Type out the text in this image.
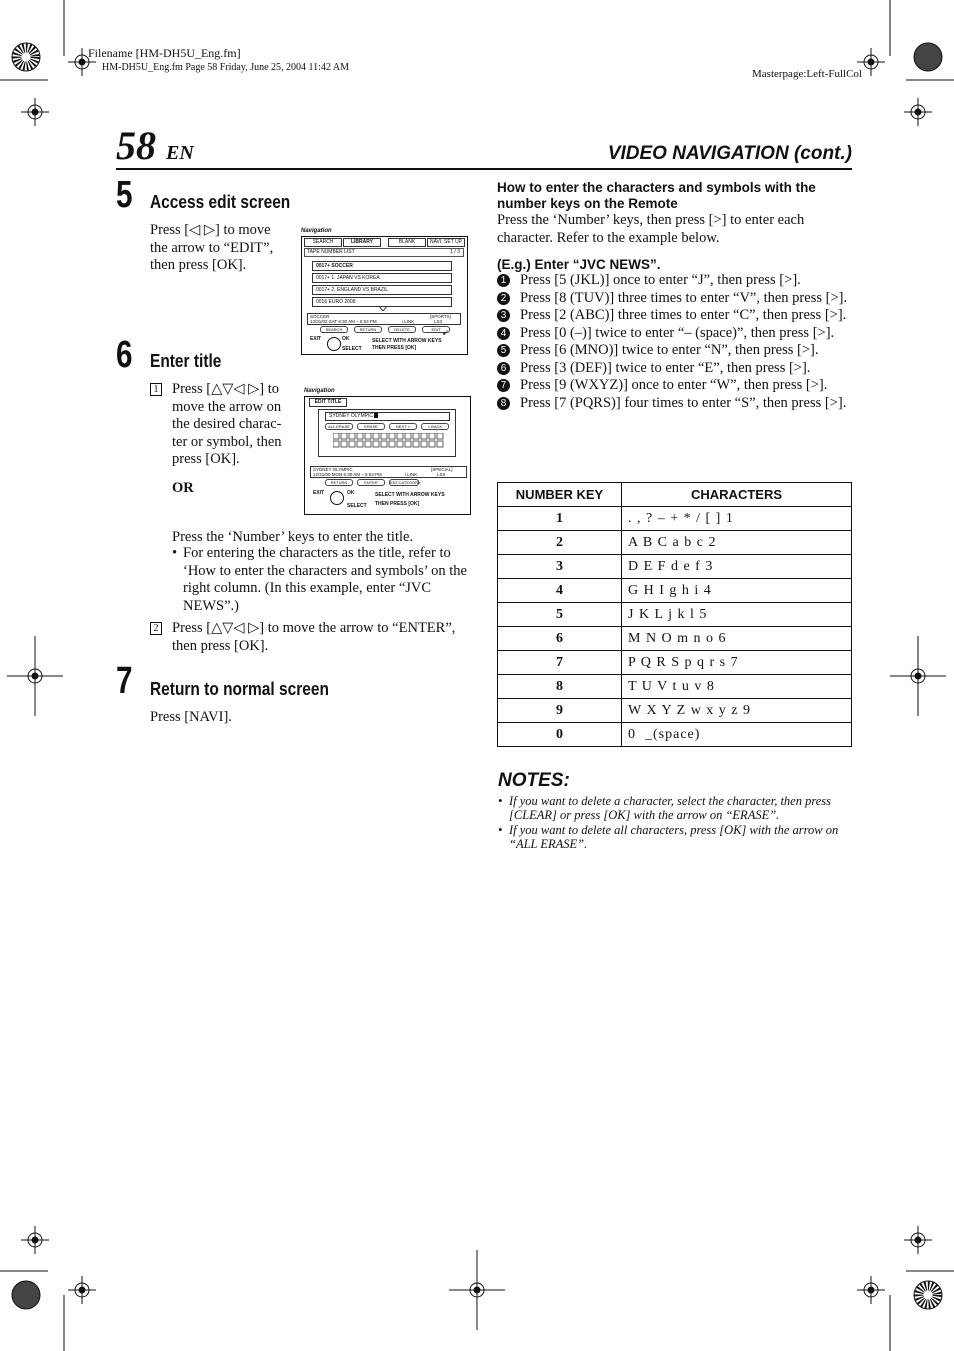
Filename [HM-DH5U_Eng.fm]
HM-DH5U_Eng.fm Page 58 Friday, June 25, 2004 11:42 AM
Masterpage:Left-FullCol
58 EN	VIDEO NAVIGATION (cont.)
5 Access edit screen
Press [◁ ▷] to move the arrow to “EDIT”, then press [OK].
Navigation
SEARCH	LIBRARY	BLANK	NAVI. SET UP
TAPE NUMBER LIST	1 / 3
0017+ SOCCER
0017+ 1. JAPAN VS KOREA
0017+ 2. ENGLAND VS BRAZIL
0016 EURO 2008
SOCCER
12/31/02 SAT 6:30 AM – 5:53 PM	i.LINK
[SPORTS]
LS3
SEARCH	RETURN	DELETE	EDIT ➹
EXIT	OK
SELECT
SELECT WITH ARROW KEYS
THEN PRESS [OK]
6 Enter title
1 Press [△▽◁ ▷] to move the arrow on the desired charac-ter or symbol, then press [OK].
OR
Navigation
EDIT TITLE
SYDNEY OLYMPIC
ALL ERASE	ERASE	NEXT >	< BACK
SYDNEY OLYMPIC
12/31/00 MON 6:30 AM – 5:53 PM	i.LINK
[SPECIAL]
LS3
RETURN	ENTER	ENT.CATEGORY
EXIT	OK
SELECT
SELECT WITH ARROW KEYS
THEN PRESS [OK]
Press the ‘Number’ keys to enter the title.
• For entering the characters as the title, refer to ‘How to enter the characters and symbols’ on the right column. (In this example, enter “JVC NEWS”.)
2 Press [△▽◁ ▷] to move the arrow to “ENTER”, then press [OK].
7 Return to normal screen
Press [NAVI].
How to enter the characters and symbols with the number keys on the Remote
Press the ‘Number’ keys, then press [>] to enter each character. Refer to the example below.
(E.g.) Enter “JVC NEWS”.
1 Press [5 (JKL)] once to enter “J”, then press [>].
2 Press [8 (TUV)] three times to enter “V”, then press [>].
3 Press [2 (ABC)] three times to enter “C”, then press [>].
4 Press [0 (–)] twice to enter “– (space)”, then press [>].
5 Press [6 (MNO)] twice to enter “N”, then press [>].
6 Press [3 (DEF)] twice to enter “E”, then press [>].
7 Press [9 (WXYZ)] once to enter “W”, then press [>].
8 Press [7 (PQRS)] four times to enter “S”, then press [>].
NUMBER KEY	CHARACTERS
1	. , ? – + * / [ ] 1
2	A B C a b c 2
3	D E F d e f 3
4	G H I g h i 4
5	J K L j k l 5
6	M N O m n o 6
7	P Q R S p q r s 7
8	T U V t u v 8
9	W X Y Z w x y z 9
0	0  _(space)
NOTES:
• If you want to delete a character, select the character, then press [CLEAR] or press [OK] with the arrow on “ERASE”.
• If you want to delete all characters, press [OK] with the arrow on “ALL ERASE”.
